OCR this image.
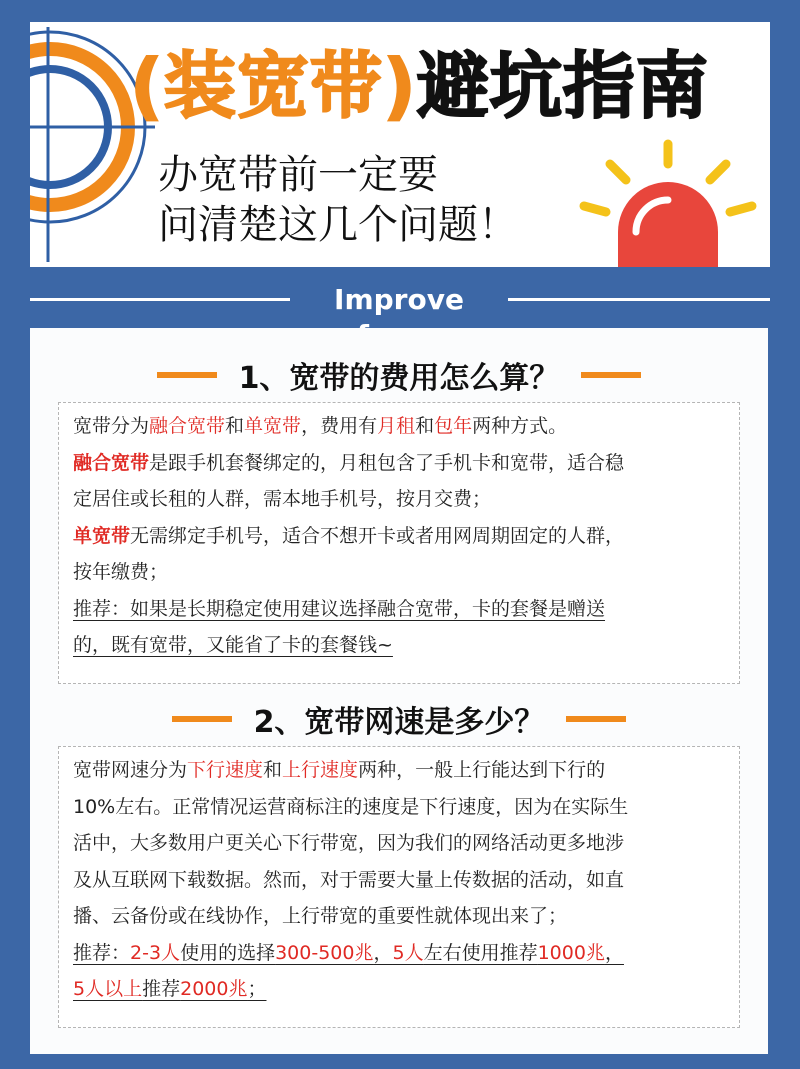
(装宽带)避坑指南
办宽带前一定要
问清楚这几个问题！
Improve
1、宽带的费用怎么算？

宽带分为融合宽带和单宽带，费用有月租和包年两种方式。

融合宽带是跟手机套餐绑定的，月租包含了手机卡和宽带，适合稳

定居住或长租的人群，需本地手机号，按月交费；

单宽带无需绑定手机号，适合不想开卡或者用网周期固定的人群，

按年缴费；

推荐：如果是长期稳定使用建议选择融合宽带，卡的套餐是赠送

的，既有宽带，又能省了卡的套餐钱~

2、宽带网速是多少？

宽带网速分为下行速度和上行速度两种，一般上行能达到下行的

10%左右。正常情况运营商标注的速度是下行速度，因为在实际生

活中，大多数用户更关心下行带宽，因为我们的网络活动更多地涉

及从互联网下载数据。然而，对于需要大量上传数据的活动，如直

播、云备份或在线协作，上行带宽的重要性就体现出来了；

推荐：2-3人使用的选择300-500兆，5人左右使用推荐1000兆，

5人以上推荐2000兆；
